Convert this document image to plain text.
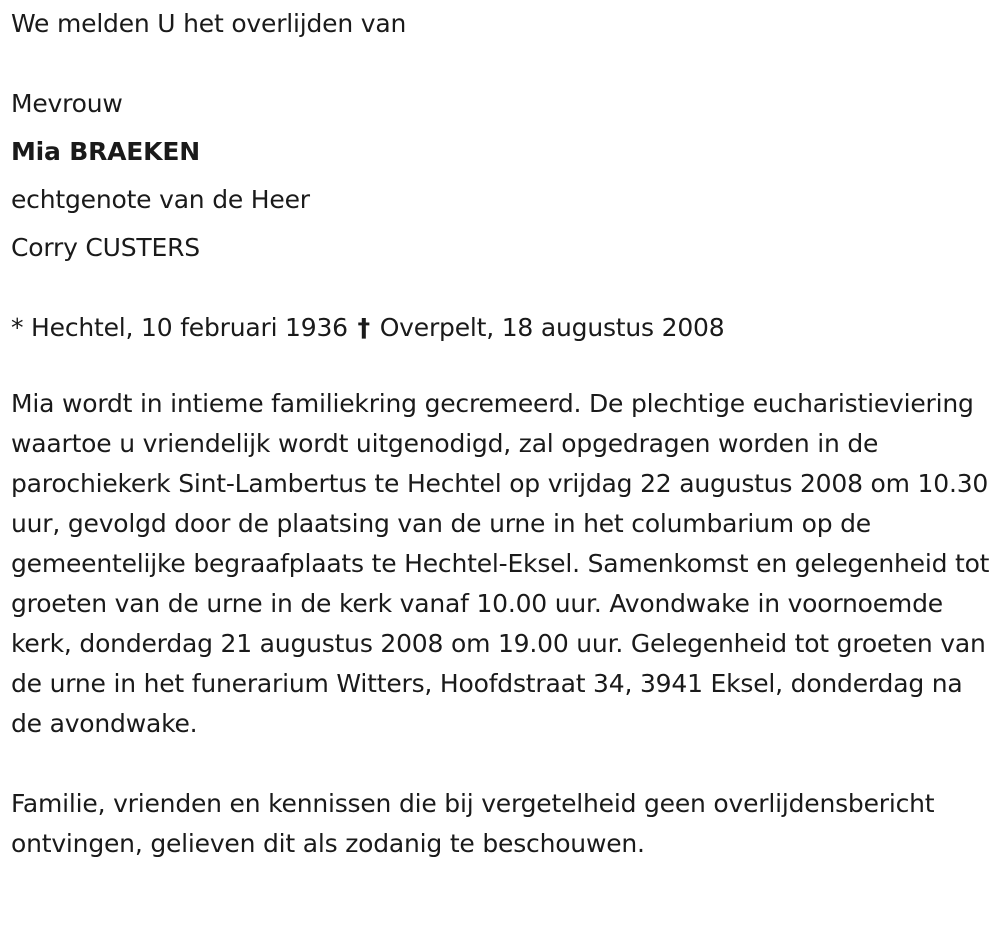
We melden U het overlijden van

Mevrouw

Mia BRAEKEN

echtgenote van de Heer

Corry CUSTERS

* Hechtel, 10 februari 1936 † Overpelt, 18 augustus 2008

Mia wordt in intieme familiekring gecremeerd. De plechtige eucharistieviering waartoe u vriendelijk wordt uitgenodigd, zal opgedragen worden in de parochiekerk Sint-Lambertus te Hechtel op vrijdag 22 augustus 2008 om 10.30 uur, gevolgd door de plaatsing van de urne in het columbarium op de gemeentelijke begraafplaats te Hechtel-Eksel. Samenkomst en gelegenheid tot groeten van de urne in de kerk vanaf 10.00 uur. Avondwake in voornoemde kerk, donderdag 21 augustus 2008 om 19.00 uur. Gelegenheid tot groeten van de urne in het funerarium Witters, Hoofdstraat 34, 3941 Eksel, donderdag na de avondwake.

Familie, vrienden en kennissen die bij vergetelheid geen overlijdensbericht ontvingen, gelieven dit als zodanig te beschouwen.
